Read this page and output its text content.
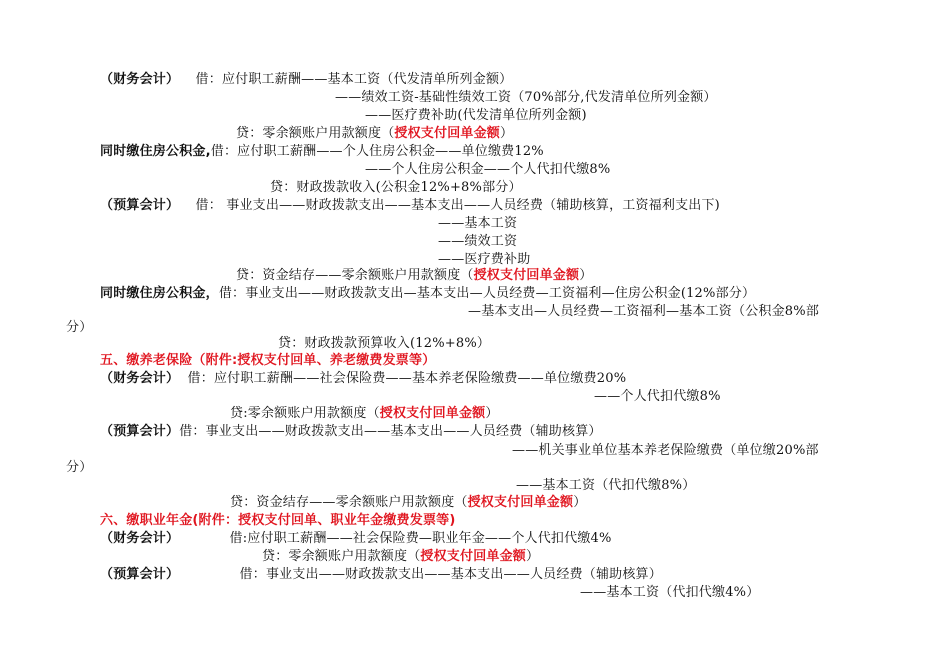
（财务会计） 借：应付职工薪酬——基本工资（代发清单所列金额）
——绩效工资-基础性绩效工资（70%部分,代发清单位所列金额）
——医疗费补助(代发清单位所列金额)
贷：零余额账户用款额度（授权支付回单金额）
同时缴住房公积金,借：应付职工薪酬——个人住房公积金——单位缴费12%
——个人住房公积金——个人代扣代缴8%
贷：财政拨款收入(公积金12%+8%部分）
（预算会计） 借： 事业支出——财政拨款支出——基本支出——人员经费（辅助核算，工资福利支出下)
——基本工资
——绩效工资
——医疗费补助
贷：资金结存——零余额账户用款额度（授权支付回单金额）
同时缴住房公积金，借：事业支出——财政拨款支出—基本支出—人员经费—工资福利—住房公积金(12%部分）
—基本支出—人员经费—工资福利—基本工资（公积金8%部
分）
贷：财政拨款预算收入(12%+8%）
五、缴养老保险（附件:授权支付回单、养老缴费发票等）
（财务会计） 借：应付职工薪酬——社会保险费——基本养老保险缴费——单位缴费20%
——个人代扣代缴8%
贷:零余额账户用款额度（授权支付回单金额）
（预算会计）借：事业支出——财政拨款支出——基本支出——人员经费（辅助核算）
——机关事业单位基本养老保险缴费（单位缴20%部
分）
——基本工资（代扣代缴8%）
贷：资金结存——零余额账户用款额度（授权支付回单金额）
六、缴职业年金(附件：授权支付回单、职业年金缴费发票等)
（财务会计）	借:应付职工薪酬——社会保险费—职业年金——个人代扣代缴4%
贷：零余额账户用款额度（授权支付回单金额）
（预算会计）	借：事业支出——财政拨款支出——基本支出——人员经费（辅助核算）
——基本工资（代扣代缴4%）
